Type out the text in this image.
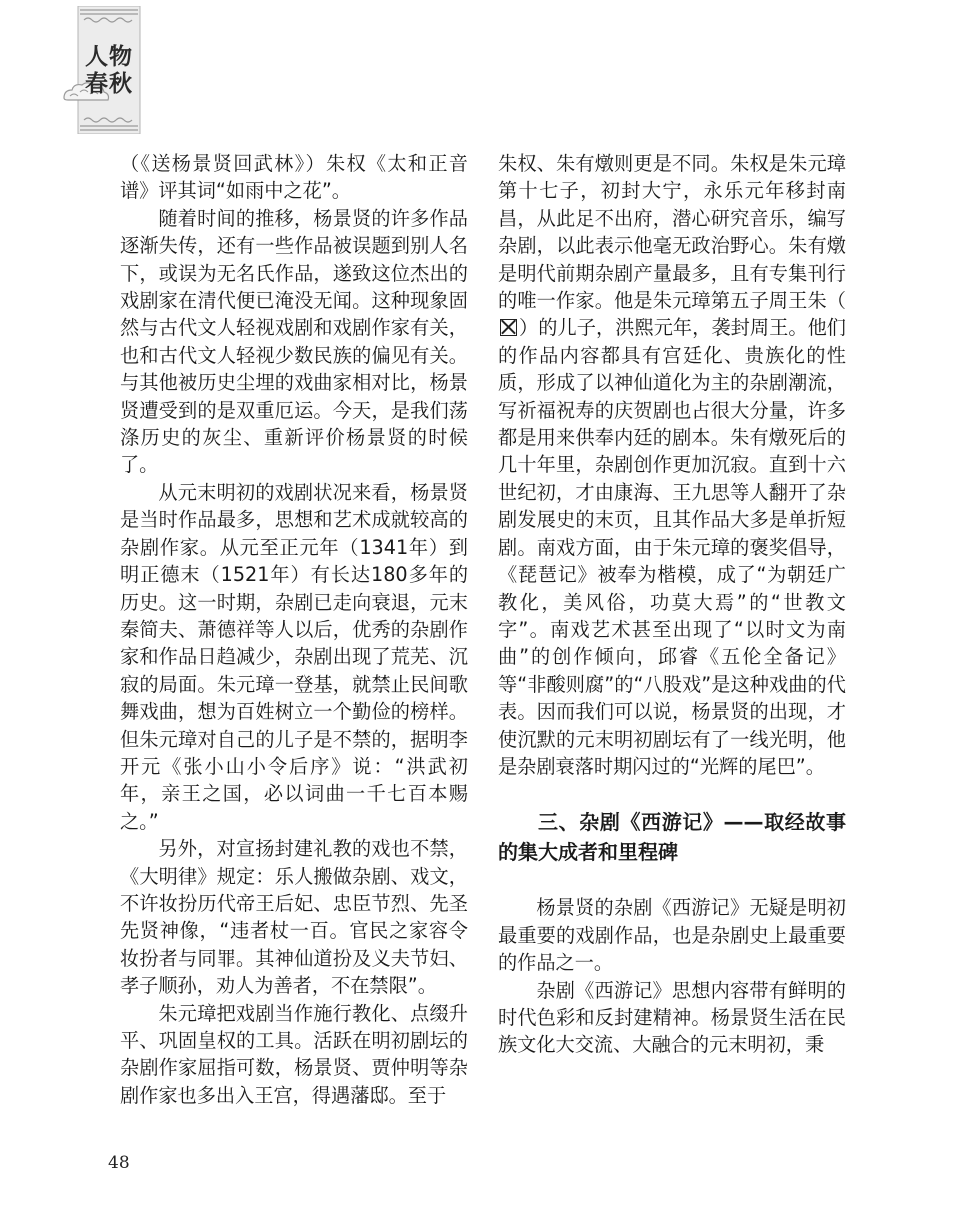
人物
春秋

（《送杨景贤回武林》）朱权《太和正音谱》评其词“如雨中之花”。

随着时间的推移，杨景贤的许多作品逐渐失传，还有一些作品被误题到别人名下，或误为无名氏作品，遂致这位杰出的戏剧家在清代便已淹没无闻。这种现象固然与古代文人轻视戏剧和戏剧作家有关，也和古代文人轻视少数民族的偏见有关。与其他被历史尘埋的戏曲家相对比，杨景贤遭受到的是双重厄运。今天，是我们荡涤历史的灰尘、重新评价杨景贤的时候了。

从元末明初的戏剧状况来看，杨景贤是当时作品最多，思想和艺术成就较高的杂剧作家。从元至正元年（1341年）到明正德末（1521年）有长达180多年的历史。这一时期，杂剧已走向衰退，元末秦简夫、萧德祥等人以后，优秀的杂剧作家和作品日趋减少，杂剧出现了荒芜、沉寂的局面。朱元璋一登基，就禁止民间歌舞戏曲，想为百姓树立一个勤俭的榜样。但朱元璋对自己的儿子是不禁的，据明李开元《张小山小令后序》说：“洪武初年，亲王之国，必以词曲一千七百本赐之。”

另外，对宣扬封建礼教的戏也不禁，《大明律》规定：乐人搬做杂剧、戏文，不许妆扮历代帝王后妃、忠臣节烈、先圣先贤神像，“违者杖一百。官民之家容令妆扮者与同罪。其神仙道扮及义夫节妇、孝子顺孙，劝人为善者，不在禁限”。

朱元璋把戏剧当作施行教化、点缀升平、巩固皇权的工具。活跃在明初剧坛的杂剧作家屈指可数，杨景贤、贾仲明等杂剧作家也多出入王宫，得遇藩邸。至于

朱权、朱有燉则更是不同。朱权是朱元璋第十七子，初封大宁，永乐元年移封南昌，从此足不出府，潜心研究音乐，编写杂剧，以此表示他毫无政治野心。朱有燉是明代前期杂剧产量最多，且有专集刊行的唯一作家。他是朱元璋第五子周王朱（）的儿子，洪熙元年，袭封周王。他们的作品内容都具有宫廷化、贵族化的性质，形成了以神仙道化为主的杂剧潮流，写祈福祝寿的庆贺剧也占很大分量，许多都是用来供奉内廷的剧本。朱有燉死后的几十年里，杂剧创作更加沉寂。直到十六世纪初，才由康海、王九思等人翻开了杂剧发展史的末页，且其作品大多是单折短剧。南戏方面，由于朱元璋的褒奖倡导，《琵琶记》被奉为楷模，成了“为朝廷广教化，美风俗，功莫大焉”的“世教文字”。南戏艺术甚至出现了“以时文为南曲”的创作倾向，邱睿《五伦全备记》等“非酸则腐”的“八股戏”是这种戏曲的代表。因而我们可以说，杨景贤的出现，才使沉默的元末明初剧坛有了一线光明，他是杂剧衰落时期闪过的“光辉的尾巴”。

三、杂剧《西游记》——取经故事的集大成者和里程碑

杨景贤的杂剧《西游记》无疑是明初最重要的戏剧作品，也是杂剧史上最重要的作品之一。

杂剧《西游记》思想内容带有鲜明的时代色彩和反封建精神。杨景贤生活在民族文化大交流、大融合的元末明初，秉

48
